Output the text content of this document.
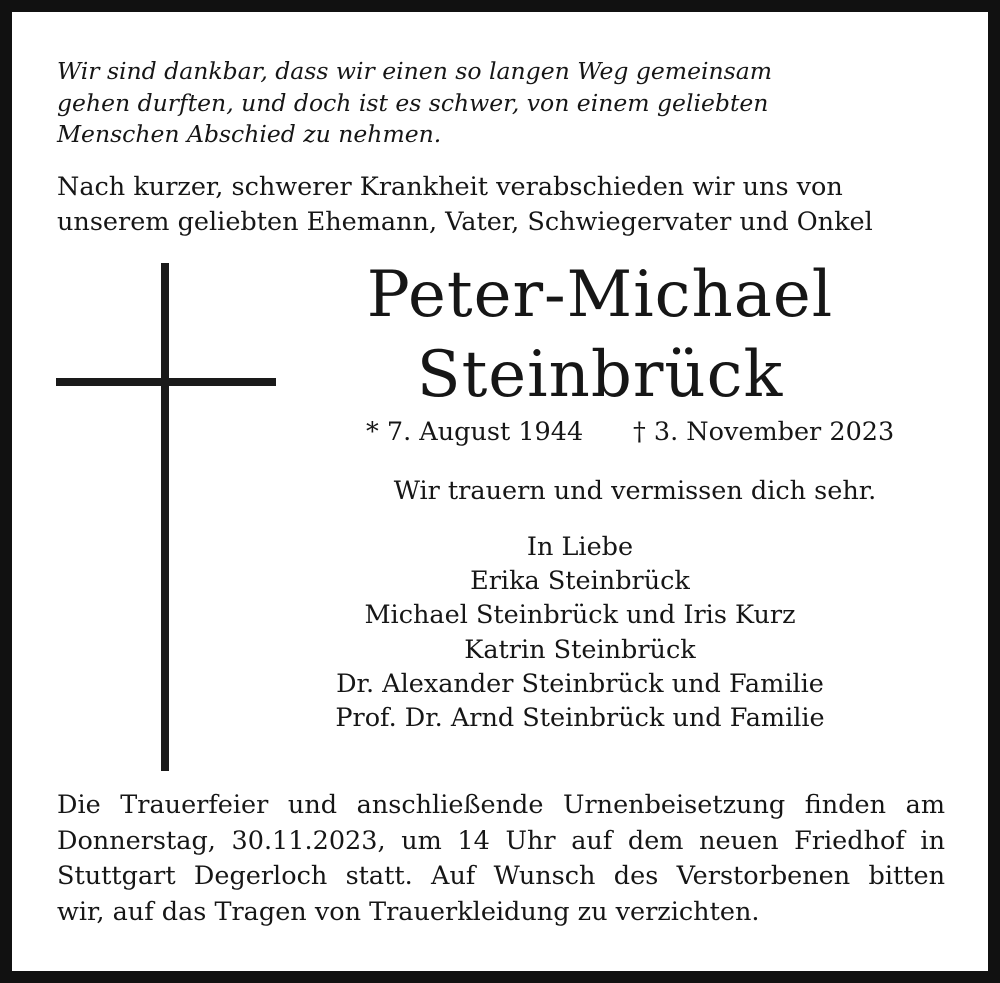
Wir sind dankbar, dass wir einen so langen Weg gemeinsam
gehen durften, und doch ist es schwer, von einem geliebten
Menschen Abschied zu nehmen.
Nach kurzer, schwerer Krankheit verabschieden wir uns von
unserem geliebten Ehemann, Vater, Schwiegervater und Onkel
Peter-Michael
Steinbrück
* 7. August 1944 † 3. November 2023
Wir trauern und vermissen dich sehr.
In Liebe
Erika Steinbrück
Michael Steinbrück und Iris Kurz
Katrin Steinbrück
Dr. Alexander Steinbrück und Familie
Prof. Dr. Arnd Steinbrück und Familie
Die Trauerfeier und anschließende Urnenbeisetzung finden am
Donnerstag, 30.11.2023, um 14 Uhr auf dem neuen Friedhof in
Stuttgart Degerloch statt. Auf Wunsch des Verstorbenen bitten
wir, auf das Tragen von Trauerkleidung zu verzichten.
